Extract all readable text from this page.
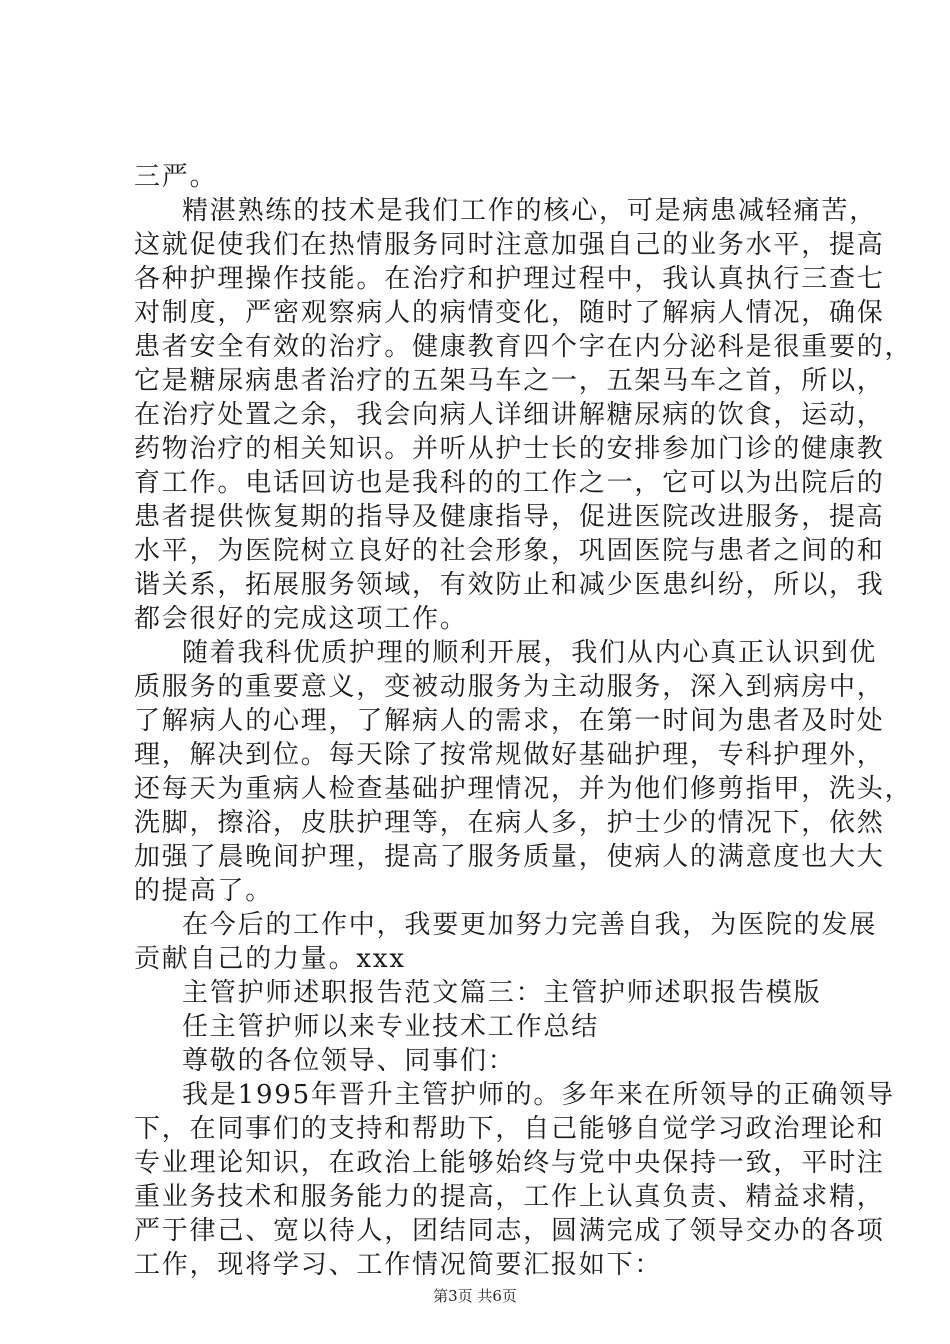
三严。
精湛熟练的技术是我们工作的核心，可是病患减轻痛苦，
这就促使我们在热情服务同时注意加强自己的业务水平，提高
各种护理操作技能。在治疗和护理过程中，我认真执行三查七
对制度，严密观察病人的病情变化，随时了解病人情况，确保
患者安全有效的治疗。健康教育四个字在内分泌科是很重要的，
它是糖尿病患者治疗的五架马车之一，五架马车之首，所以，
在治疗处置之余，我会向病人详细讲解糖尿病的饮食，运动，
药物治疗的相关知识。并听从护士长的安排参加门诊的健康教
育工作。电话回访也是我科的的工作之一，它可以为出院后的
患者提供恢复期的指导及健康指导，促进医院改进服务，提高
水平，为医院树立良好的社会形象，巩固医院与患者之间的和
谐关系，拓展服务领域，有效防止和减少医患纠纷，所以，我
都会很好的完成这项工作。
随着我科优质护理的顺利开展，我们从内心真正认识到优
质服务的重要意义，变被动服务为主动服务，深入到病房中，
了解病人的心理，了解病人的需求，在第一时间为患者及时处
理，解决到位。每天除了按常规做好基础护理，专科护理外，
还每天为重病人检查基础护理情况，并为他们修剪指甲，洗头，
洗脚，擦浴，皮肤护理等，在病人多，护士少的情况下，依然
加强了晨晚间护理，提高了服务质量，使病人的满意度也大大
的提高了。
在今后的工作中，我要更加努力完善自我，为医院的发展
贡献自己的力量。xxx
主管护师述职报告范文篇三：主管护师述职报告模版
任主管护师以来专业技术工作总结
尊敬的各位领导、同事们：
我是1995年晋升主管护师的。多年来在所领导的正确领导
下，在同事们的支持和帮助下，自己能够自觉学习政治理论和
专业理论知识，在政治上能够始终与党中央保持一致，平时注
重业务技术和服务能力的提高，工作上认真负责、精益求精，
严于律己、宽以待人，团结同志，圆满完成了领导交办的各项
工作，现将学习、工作情况简要汇报如下：
第3页 共6页
